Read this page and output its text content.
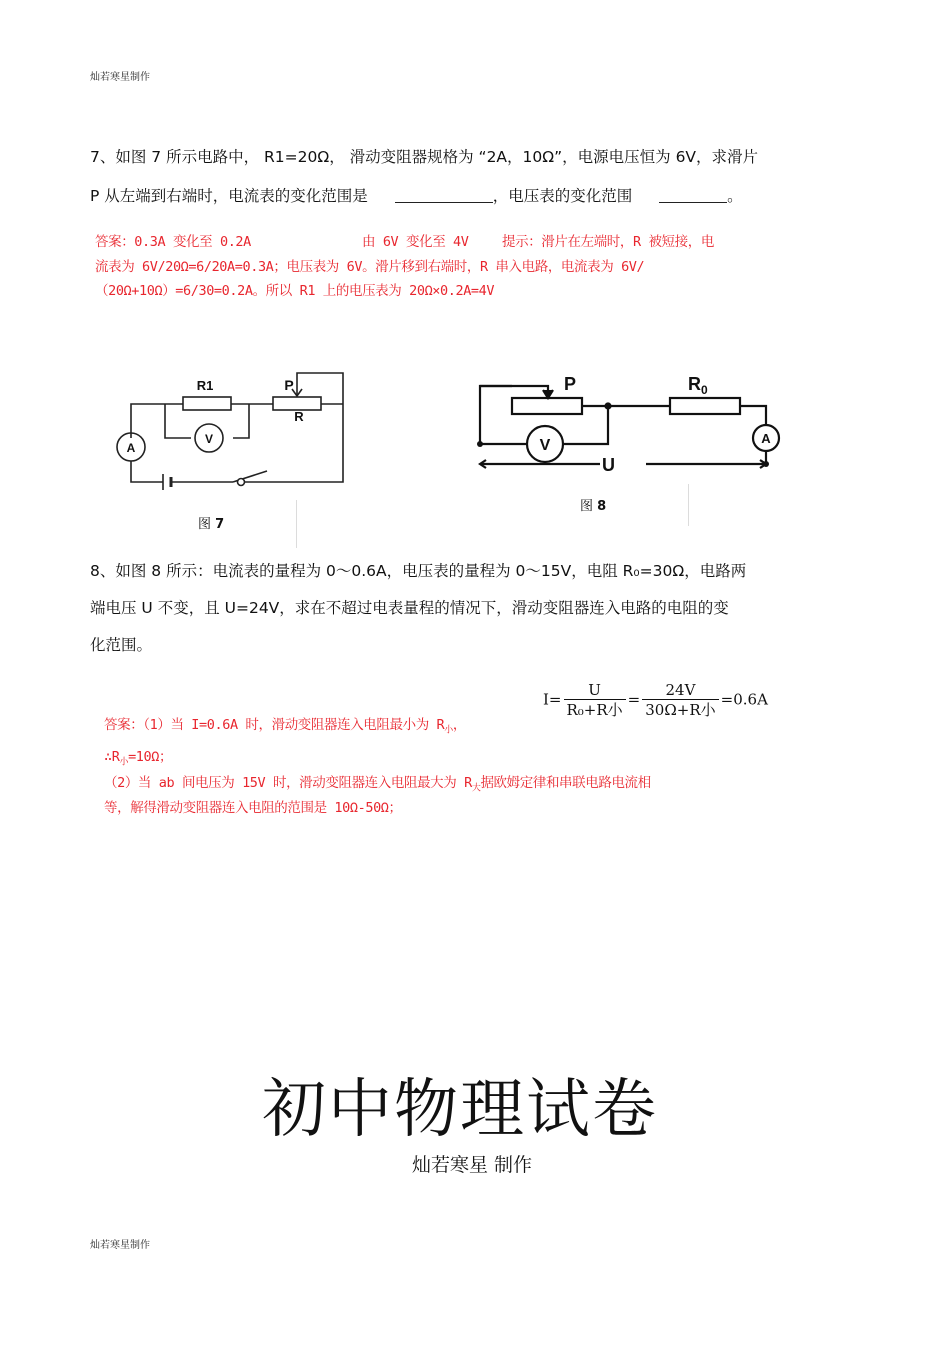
灿若寒星制作
7、如图 7 所示电路中， R1=20Ω， 滑动变阻器规格为 “2A，10Ω”，电源电压恒为 6V，求滑片
P 从左端到右端时，电流表的变化范围是	，电压表的变化范围	。
答案：0.3A 变化至 0.2A	由 6V 变化至 4V 提示：滑片在左端时，R 被短接，电
流表为 6V/20Ω=6/20A=0.3A；电压表为 6V。滑片移到右端时，R 串入电路，电流表为 6V/
（20Ω+10Ω）=6/30=0.2A。所以 R1 上的电压表为 20Ω×0.2A=4V
R1	P
R
A
V
图 7
P	$R_0$
U
A
V
图 8
8、如图 8 所示：电流表的量程为 0～0.6A，电压表的量程为 0～15V，电阻 R₀=30Ω，电路两
端电压 U 不变，且 U=24V，求在不超过电表量程的情况下，滑动变阻器连入电路的电阻的变
化范围。
$I= \frac{U}{\text{R₀+R小}} = \frac{24V}{\text{30Ω+R小}} =0.6A$
答案：（1）当 I=0.6A 时，滑动变阻器连入电阻最小为 $R_小$，
$\therefore R_小=10\Omega$；
（2）当 ab 间电压为 15V 时，滑动变阻器连入电阻最大为 $R_大$据欧姆定律和串联电路电流相
等，解得滑动变阻器连入电阻的范围是 10Ω-50Ω；
初中物理试卷
灿若寒星 制作
灿若寒星制作
